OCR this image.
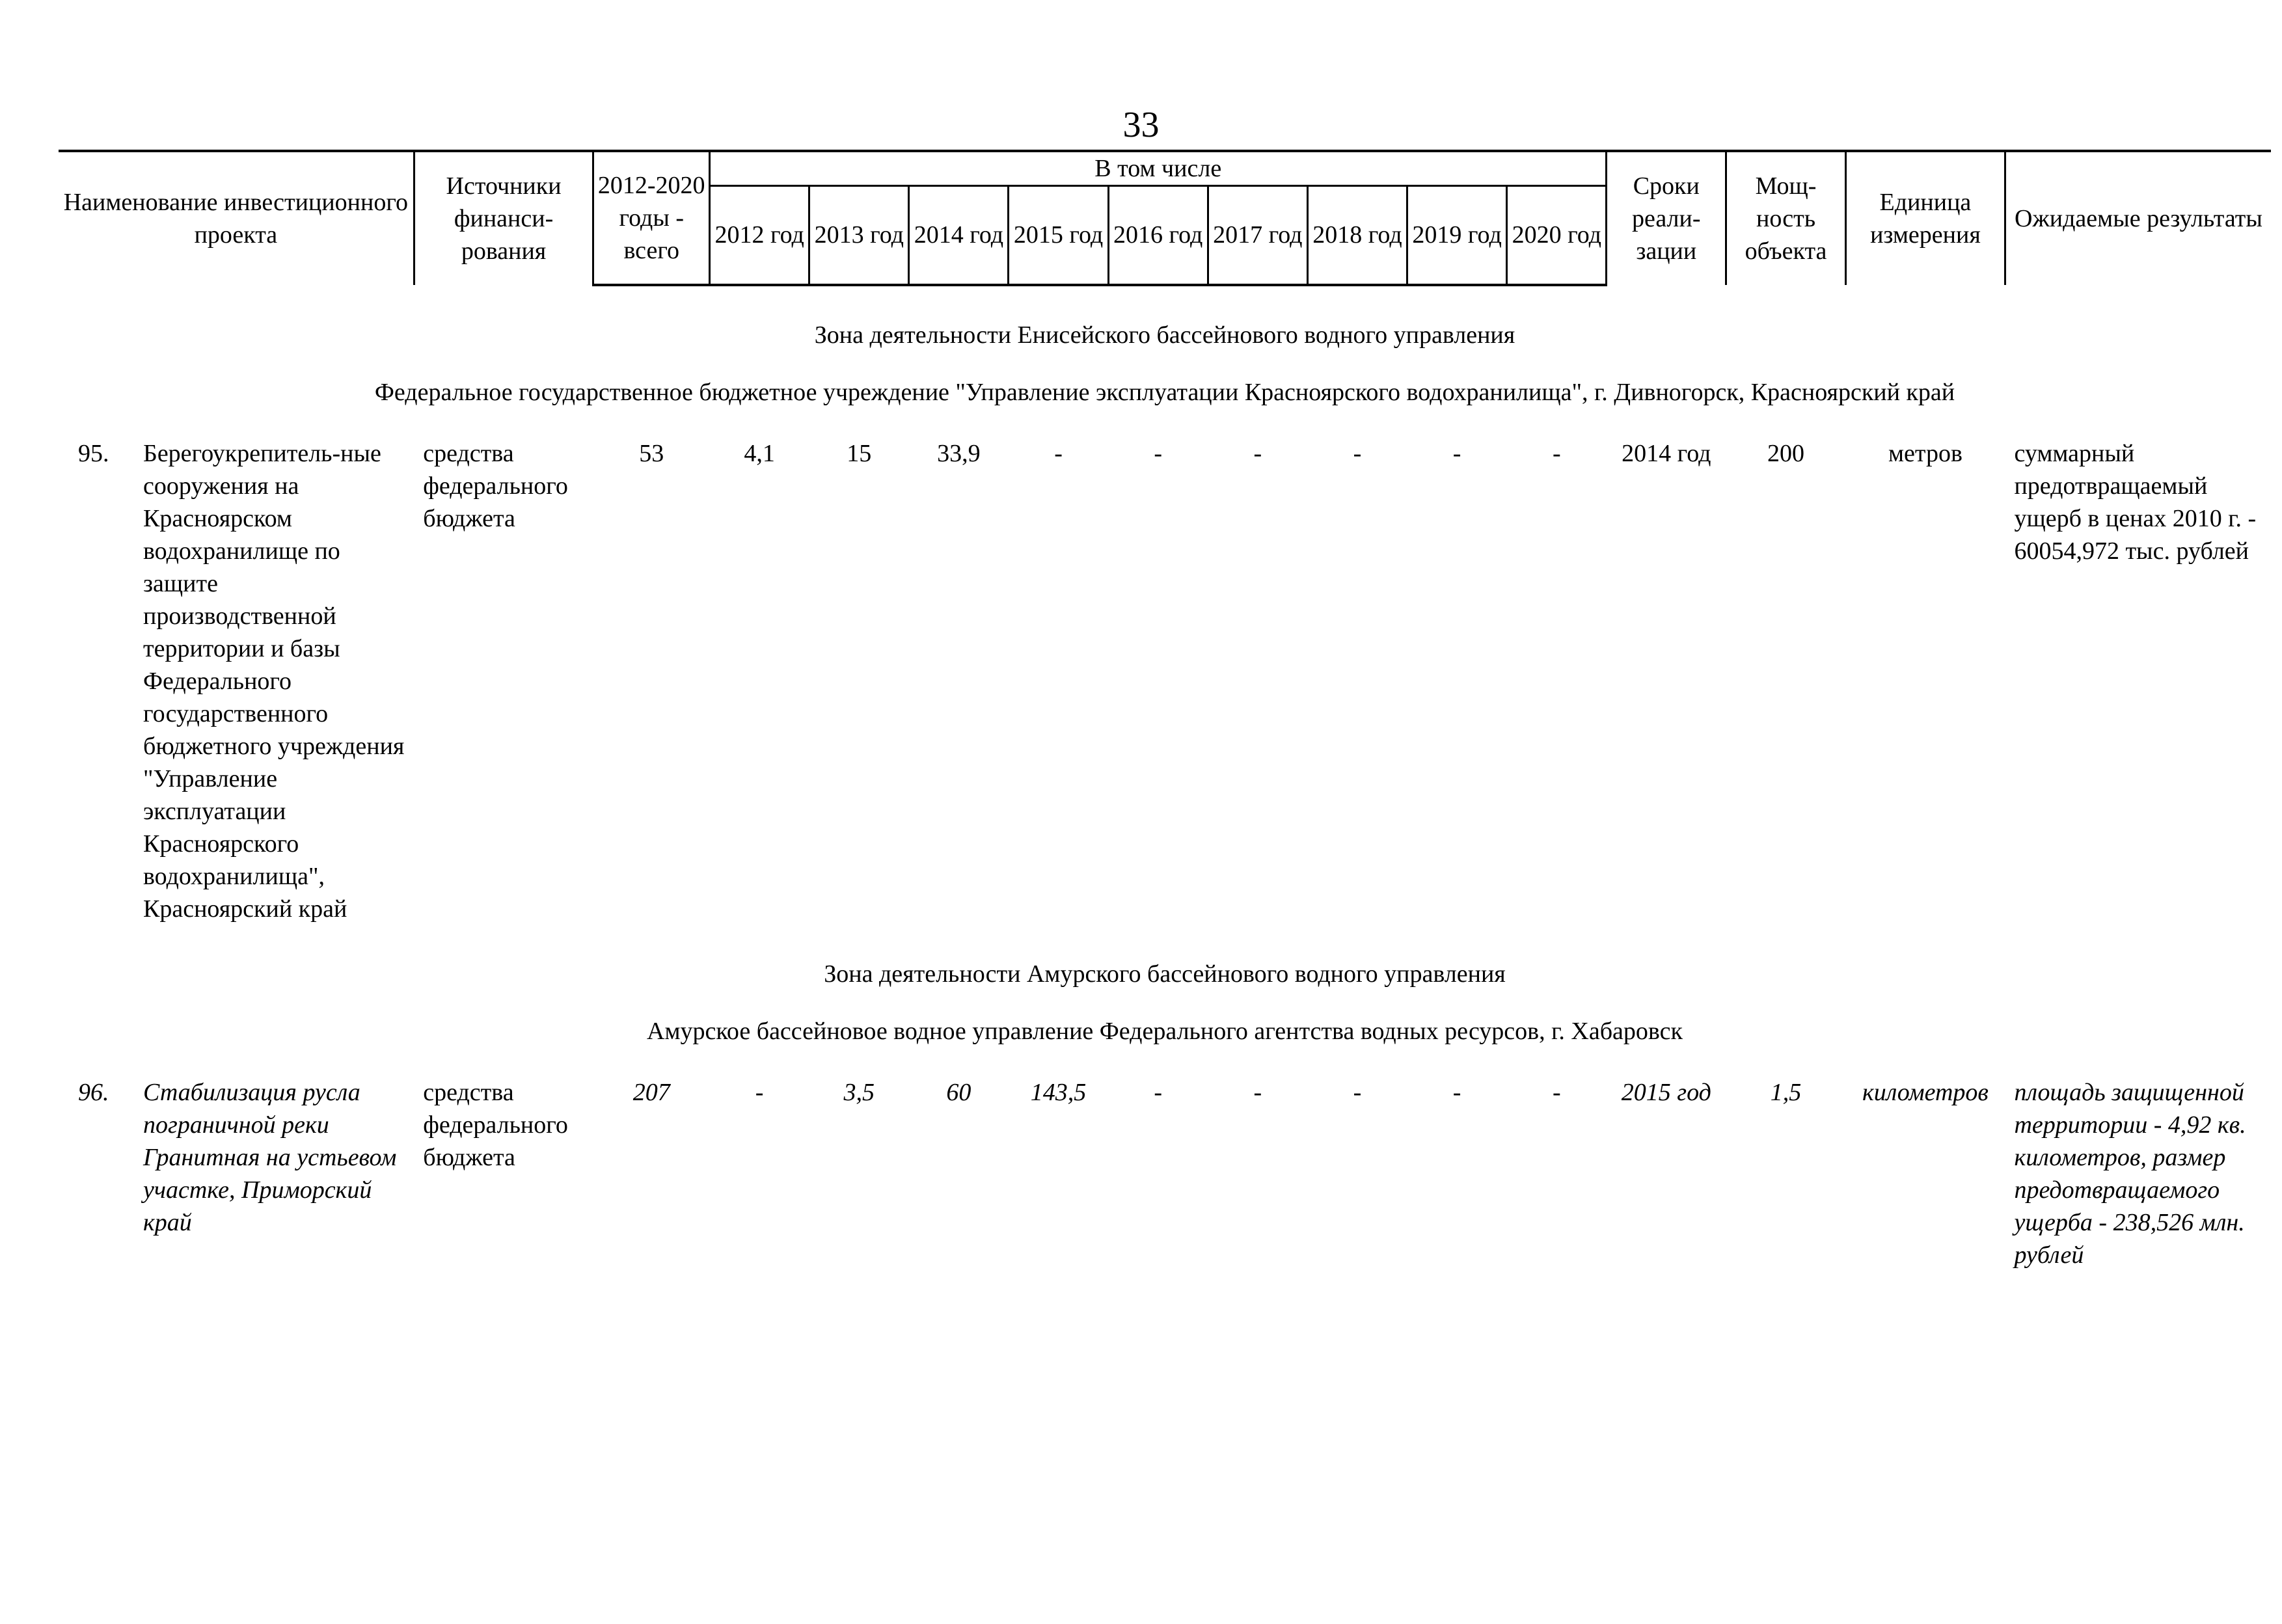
33
Наименование инвестиционного проекта	Источники финанси-рования	2012-2020 годы - всего	В том числе									Сроки реали-зации	Мощ-ность объекта	Единица измерения	Ожидаемые результаты
			2012 год	2013 год	2014 год	2015 год	2016 год	2017 год	2018 год	2019 год	2020 год				
Зона деятельности Енисейского бассейнового водного управления															
Федеральное государственное бюджетное учреждение "Управление эксплуатации Красноярского водохранилища", г. Дивногорск, Красноярский край															

95. Берегоукрепитель-ные сооружения на Красноярском водохранилище по защите производственной территории и базы Федерального государственного бюджетного учреждения "Управление эксплуатации Красноярского водохранилища", Красноярский край	средства федерального бюджета	53	4,1	15	33,9	-	-	-	-	-	-	2014 год	200	метров	суммарный предотвращаемый ущерб в ценах 2010 г. - 60054,972 тыс. рублей
Зона деятельности Амурского бассейнового водного управления															
Амурское бассейновое водное управление Федерального агентства водных ресурсов, г. Хабаровск															

96. Стабилизация русла пограничной реки Гранитная на устьевом участке, Приморский край	средства федерального бюджета	207	-	3,5	60	143,5	-	-	-	-	-	2015 год	1,5	километров	площадь защищенной территории - 4,92 кв. километров, размер предотвращаемого ущерба - 238,526 млн. рублей
